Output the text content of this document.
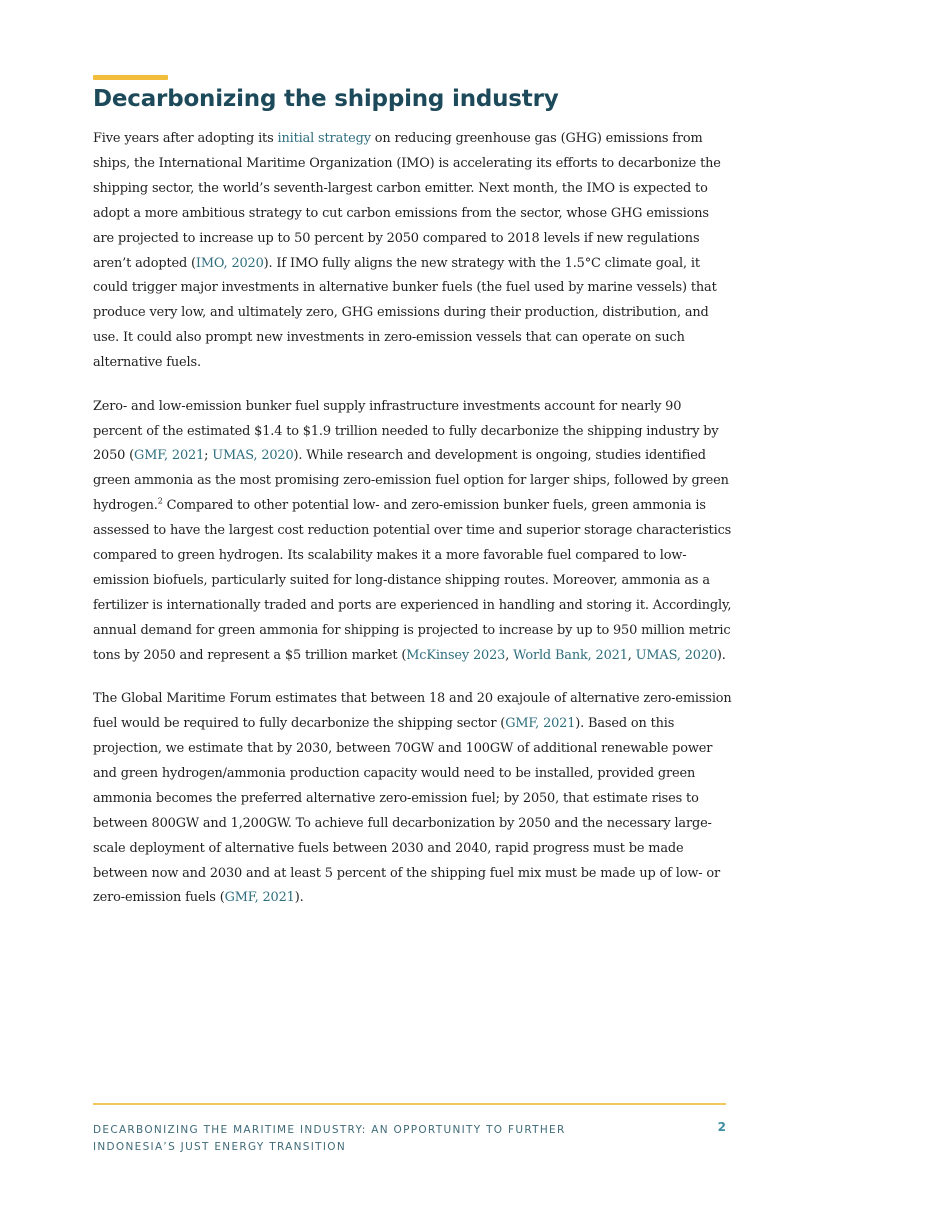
Decarbonizing the shipping industry

Five years after adopting its initial strategy on reducing greenhouse gas (GHG) emissions from ships, the International Maritime Organization (IMO) is accelerating its efforts to decarbonize the shipping sector, the world’s seventh-largest carbon emitter. Next month, the IMO is expected to adopt a more ambitious strategy to cut carbon emissions from the sector, whose GHG emissions are projected to increase up to 50 percent by 2050 compared to 2018 levels if new regulations aren’t adopted (IMO, 2020). If IMO fully aligns the new strategy with the 1.5°C climate goal, it could trigger major investments in alternative bunker fuels (the fuel used by marine vessels) that produce very low, and ultimately zero, GHG emissions during their production, distribution, and use. It could also prompt new investments in zero-emission vessels that can operate on such alternative fuels.

Zero- and low-emission bunker fuel supply infrastructure investments account for nearly 90 percent of the estimated $1.4 to $1.9 trillion needed to fully decarbonize the shipping industry by 2050 (GMF, 2021; UMAS, 2020). While research and development is ongoing, studies identified green ammonia as the most promising zero-emission fuel option for larger ships, followed by green hydrogen.$^2$ Compared to other potential low- and zero-emission bunker fuels, green ammonia is assessed to have the largest cost reduction potential over time and superior storage characteristics compared to green hydrogen. Its scalability makes it a more favorable fuel compared to low-emission biofuels, particularly suited for long-distance shipping routes. Moreover, ammonia as a fertilizer is internationally traded and ports are experienced in handling and storing it. Accordingly, annual demand for green ammonia for shipping is projected to increase by up to 950 million metric tons by 2050 and represent a $5 trillion market (McKinsey 2023, World Bank, 2021, UMAS, 2020).

The Global Maritime Forum estimates that between 18 and 20 exajoule of alternative zero-emission fuel would be required to fully decarbonize the shipping sector (GMF, 2021). Based on this projection, we estimate that by 2030, between 70GW and 100GW of additional renewable power and green hydrogen/ammonia production capacity would need to be installed, provided green ammonia becomes the preferred alternative zero-emission fuel; by 2050, that estimate rises to between 800GW and 1,200GW. To achieve full decarbonization by 2050 and the necessary large-scale deployment of alternative fuels between 2030 and 2040, rapid progress must be made between now and 2030 and at least 5 percent of the shipping fuel mix must be made up of low- or zero-emission fuels (GMF, 2021).

DECARBONIZING THE MARITIME INDUSTRY: AN OPPORTUNITY TO FURTHER
INDONESIA’S JUST ENERGY TRANSITION
2
